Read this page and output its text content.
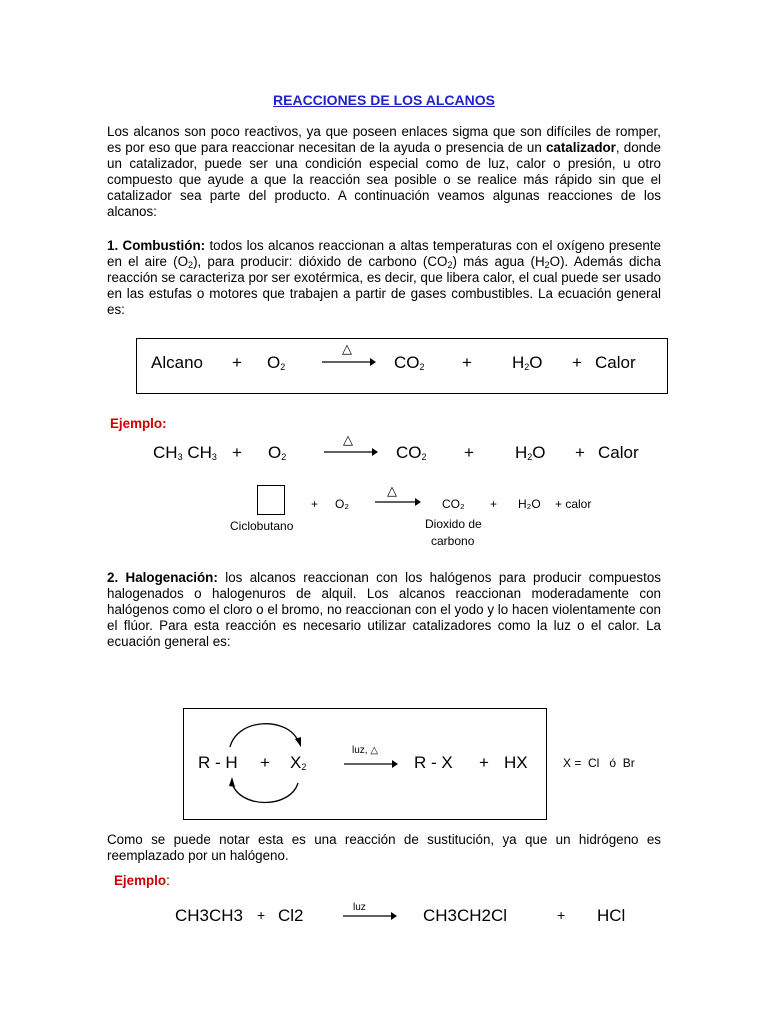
REACCIONES DE LOS ALCANOS
Los alcanos son poco reactivos, ya que poseen enlaces sigma que son difíciles de romper, es por eso que para reaccionar necesitan de la ayuda o presencia de un catalizador, donde un catalizador, puede ser una condición especial como de luz, calor o presión, u otro compuesto que ayude a que la reacción sea posible o se realice más rápido sin que el catalizador sea parte del producto. A continuación veamos algunas reacciones de los alcanos:
1. Combustión: todos los alcanos reaccionan a altas temperaturas con el oxígeno presente en el aire $(O_2)$, para producir: dióxido de carbono $(CO_2)$ más agua $(H_2O)$. Además dicha reacción se caracteriza por ser exotérmica, es decir, que libera calor, el cual puede ser usado en las estufas o motores que trabajen a partir de gases combustibles. La ecuación general es:
Alcano + $O_2$
△
→ $CO_2 + H_2O$ + Calor
Ejemplo:
$CH_3$ $CH_3 + O_2$
△
→ $CO_2 + H_2O$ + Calor
Ciclobutano
+ O₂
△
→ CO₂ + H₂O + calor
Dioxido de
carbono
2. Halogenación: los alcanos reaccionan con los halógenos para producir compuestos halogenados o halogenuros de alquil. Los alcanos reaccionan moderadamente con halógenos como el cloro o el bromo, no reaccionan con el yodo y lo hacen violentamente con el flúor. Para esta reacción es necesario utilizar catalizadores como la luz o el calor. La ecuación general es:
$R - H + X_2$
luz, △
→ R - X + HX	X =  Cl   ó  Br
Como se puede notar esta es una reacción de sustitución, ya que un hidrógeno es reemplazado por un halógeno.
Ejemplo:
CH3CH3 + Cl2	luz	CH3CH2Cl	+ HCl
